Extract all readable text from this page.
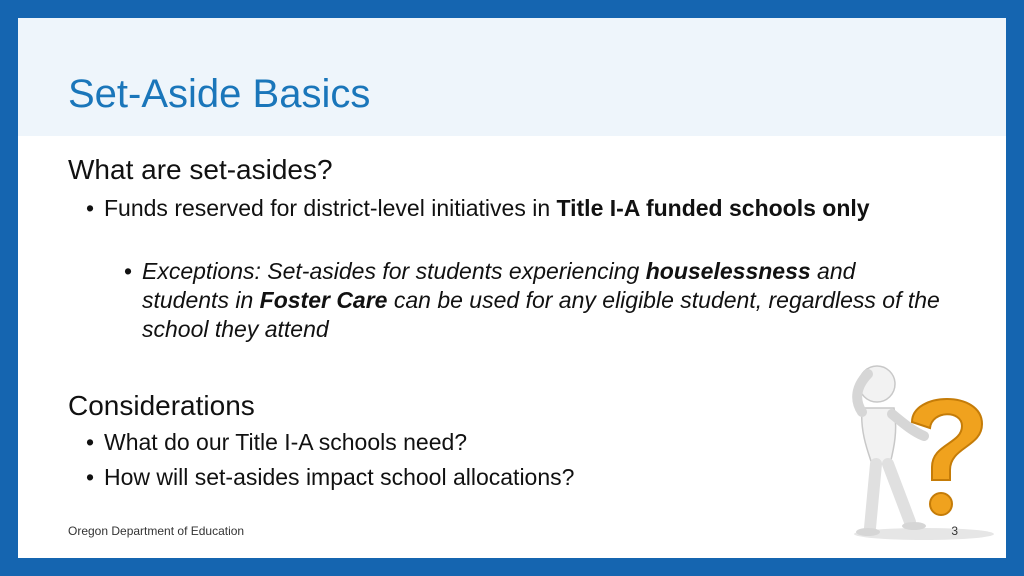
Set-Aside Basics
What are set-asides?
• Funds reserved for district-level initiatives in Title I-A funded schools only
• Exceptions: Set-asides for students experiencing houselessness and students in Foster Care can be used for any eligible student, regardless of the school they attend
Considerations
• What do our Title I-A schools need?
• How will set-asides impact school allocations?
Oregon Department of Education	3
